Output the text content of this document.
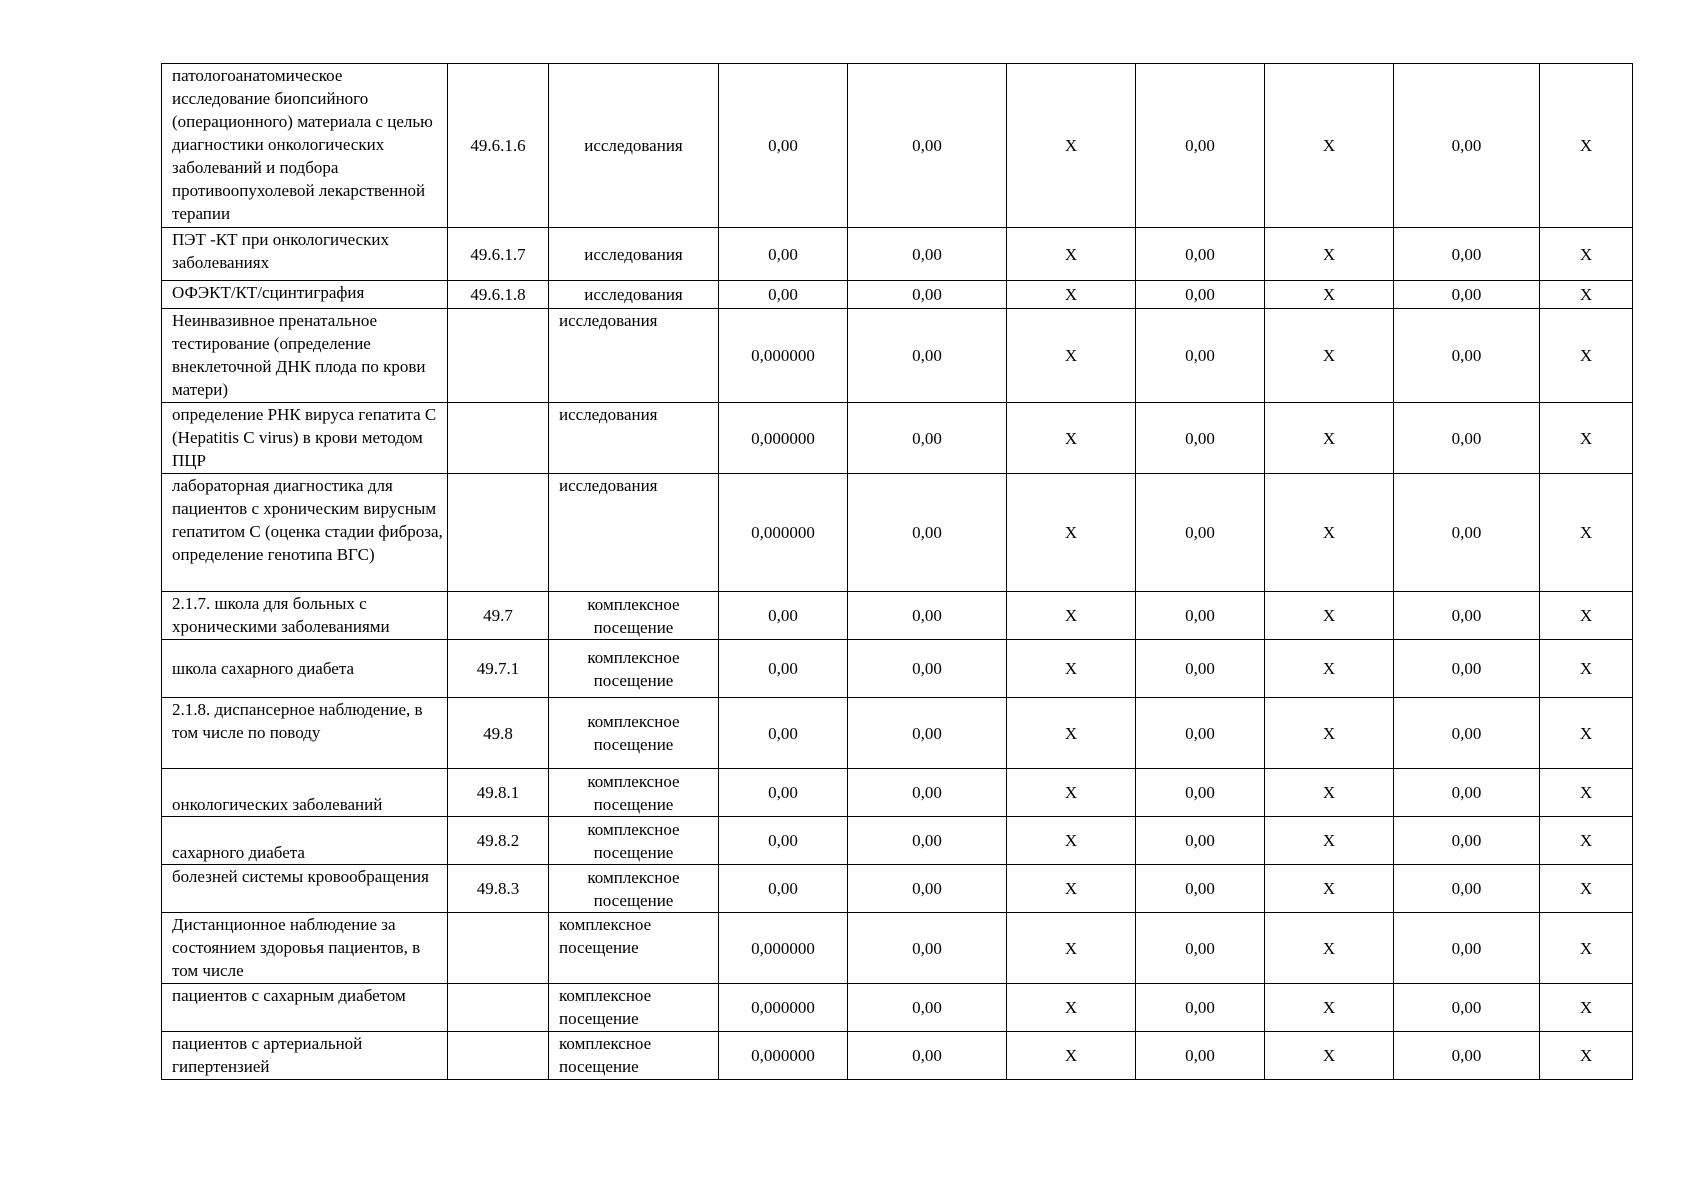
патологоанатомическое исследование биопсийного (операционного) материала с целью диагностики онкологических заболеваний и подбора противоопухолевой лекарственной терапии	49.6.1.6	исследования	0,00	0,00	X	0,00	X	0,00	X
ПЭТ -КТ при онкологических заболеваниях	49.6.1.7	исследования	0,00	0,00	X	0,00	X	0,00	X
ОФЭКТ/КТ/сцинтиграфия	49.6.1.8	исследования	0,00	0,00	X	0,00	X	0,00	X
Неинвазивное пренатальное тестирование (определение внеклеточной ДНК плода по крови матери)		исследования	0,000000	0,00	X	0,00	X	0,00	X
определение РНК вируса гепатита C (Hepatitis C virus) в крови методом ПЦР		исследования	0,000000	0,00	X	0,00	X	0,00	X
лабораторная диагностика для пациентов с хроническим вирусным гепатитом С (оценка стадии фиброза, определение генотипа ВГС)		исследования	0,000000	0,00	X	0,00	X	0,00	X
2.1.7. школа для больных с хроническими заболеваниями	49.7	комплексное посещение	0,00	0,00	X	0,00	X	0,00	X
школа сахарного диабета	49.7.1	комплексное посещение	0,00	0,00	X	0,00	X	0,00	X
2.1.8. диспансерное наблюдение, в том числе по поводу	49.8	комплексное посещение	0,00	0,00	X	0,00	X	0,00	X
онкологических заболеваний	49.8.1	комплексное посещение	0,00	0,00	X	0,00	X	0,00	X
сахарного диабета	49.8.2	комплексное посещение	0,00	0,00	X	0,00	X	0,00	X
болезней системы кровообращения	49.8.3	комплексное посещение	0,00	0,00	X	0,00	X	0,00	X
Дистанционное наблюдение за состоянием здоровья пациентов, в том числе		комплексное посещение	0,000000	0,00	X	0,00	X	0,00	X
пациентов с сахарным диабетом		комплексное посещение	0,000000	0,00	X	0,00	X	0,00	X
пациентов с артериальной гипертензией		комплексное посещение	0,000000	0,00	X	0,00	X	0,00	X
